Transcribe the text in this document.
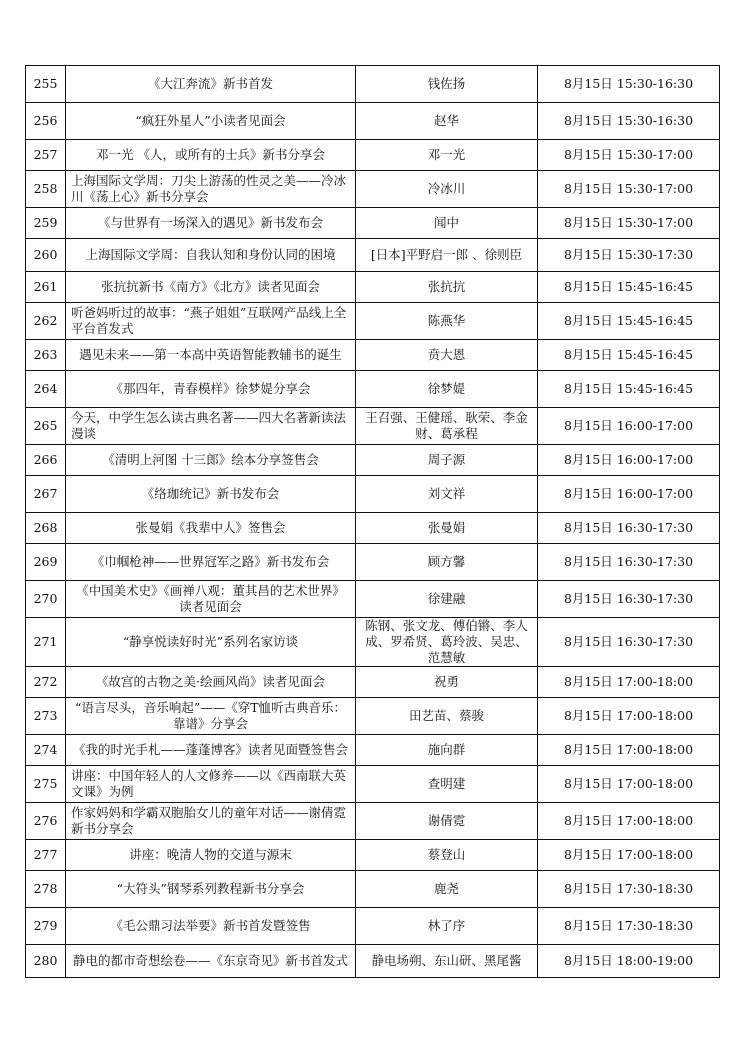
255	《大江奔流》新书首发	钱佐扬	8月15日 15:30-16:30
256	“疯狂外星人”小读者见面会	赵华	8月15日 15:30-16:30
257	邓一光 《人，或所有的士兵》新书分享会	邓一光	8月15日 15:30-17:00
258	上海国际文学周：刀尖上游荡的性灵之美——冷冰川《荡上心》新书分享会	冷冰川	8月15日 15:30-17:00
259	《与世界有一场深入的遇见》新书发布会	闻中	8月15日 15:30-17:00
260	上海国际文学周：自我认知和身份认同的困境	[日本]平野启一郎 、徐则臣	8月15日 15:30-17:30
261	张抗抗新书《南方》《北方》读者见面会	张抗抗	8月15日 15:45-16:45
262	听爸妈听过的故事：“燕子姐姐”互联网产品线上全平台首发式	陈燕华	8月15日 15:45-16:45
263	遇见未来——第一本高中英语智能教辅书的诞生	贲大恩	8月15日 15:45-16:45
264	《那四年，青春模样》徐梦媞分享会	徐梦媞	8月15日 15:45-16:45
265	今天，中学生怎么读古典名著——四大名著新读法漫谈	王召强、王健瑶、耿荣、李金财、葛承程	8月15日 16:00-17:00
266	《清明上河图 十三郎》绘本分享签售会	周子源	8月15日 16:00-17:00
267	《络珈统记》新书发布会	刘文祥	8月15日 16:00-17:00
268	张曼娟《我辈中人》签售会	张曼娟	8月15日 16:30-17:30
269	《巾帼枪神——世界冠军之路》新书发布会	顾方馨	8月15日 16:30-17:30
270	《中国美术史》《画禅八观：董其昌的艺术世界》读者见面会	徐建融	8月15日 16:30-17:30
271	“静享悦读好时光”系列名家访谈	陈钢、张文龙、傅伯锵、李人成、罗希贤、葛玲波、吴忠、范慧敏	8月15日 16:30-17:30
272	《故宫的古物之美·绘画风尚》读者见面会	祝勇	8月15日 17:00-18:00
273	“语言尽头，音乐响起”——《穿T恤听古典音乐：靠谱》分享会	田艺苗、蔡骏	8月15日 17:00-18:00
274	《我的时光手札——蓬蓬博客》读者见面暨签售会	施向群	8月15日 17:00-18:00
275	讲座：中国年轻人的人文修养——以《西南联大英文课》为例	查明建	8月15日 17:00-18:00
276	作家妈妈和学霸双胞胎女儿的童年对话——谢倩霓新书分享会	谢倩霓	8月15日 17:00-18:00
277	讲座：晚清人物的交道与源末	蔡登山	8月15日 17:00-18:00
278	“大符头”钢琴系列教程新书分享会	鹿尧	8月15日 17:30-18:30
279	《毛公鼎习法举要》新书首发暨签售	林了序	8月15日 17:30-18:30
280	静电的都市奇想绘卷——《东京奇见》新书首发式	静电场朔、东山研、黑尾酱	8月15日 18:00-19:00
